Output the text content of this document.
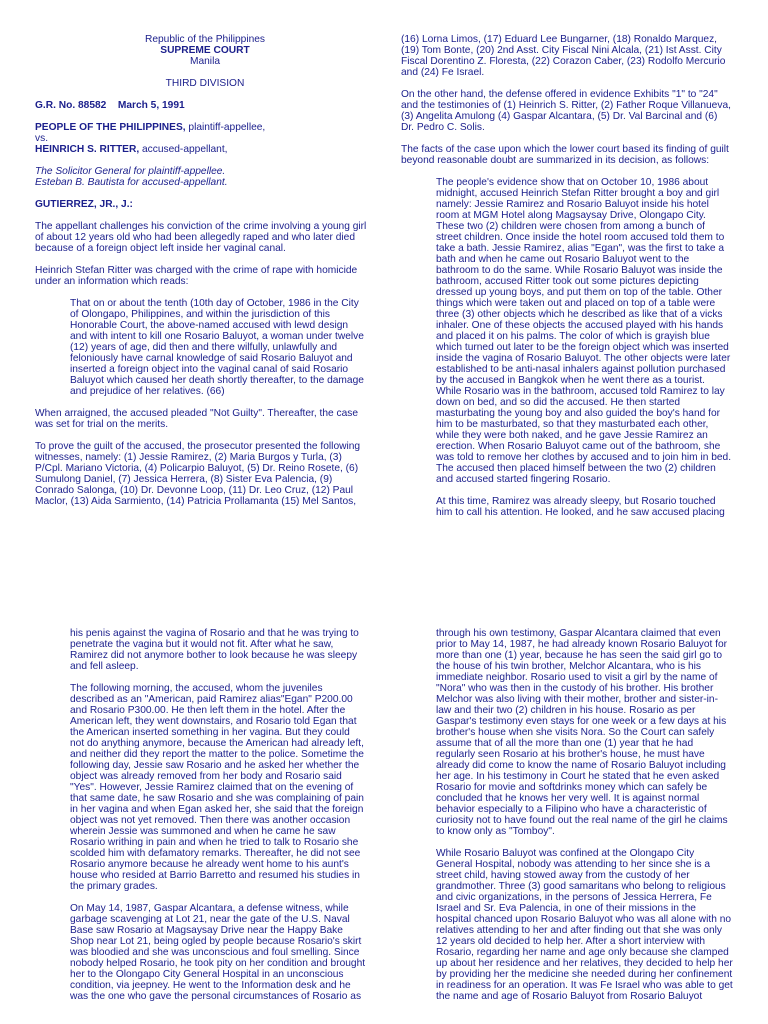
Republic of the Philippines

SUPREME COURT

Manila

THIRD DIVISION

G.R. No. 88582 March 5, 1991

PEOPLE OF THE PHILIPPINES, plaintiff-appellee,

vs.

HEINRICH S. RITTER, accused-appellant,

The Solicitor General for plaintiff-appellee.

Esteban B. Bautista for accused-appellant.

GUTIERREZ, JR., J.:

The appellant challenges his conviction of the crime involving a young girl

of about 12 years old who had been allegedly raped and who later died

because of a foreign object left inside her vaginal canal.

Heinrich Stefan Ritter was charged with the crime of rape with homicide

under an information which reads:

That on or about the tenth (10th day of October, 1986 in the City

of Olongapo, Philippines, and within the jurisdiction of this

Honorable Court, the above-named accused with lewd design

and with intent to kill one Rosario Baluyot, a woman under twelve

(12) years of age, did then and there wilfully, unlawfully and

feloniously have carnal knowledge of said Rosario Baluyot and

inserted a foreign object into the vaginal canal of said Rosario

Baluyot which caused her death shortly thereafter, to the damage

and prejudice of her relatives. (66)

When arraigned, the accused pleaded "Not Guilty". Thereafter, the case

was set for trial on the merits.

To prove the guilt of the accused, the prosecutor presented the following

witnesses, namely: (1) Jessie Ramirez, (2) Maria Burgos y Turla, (3)

P/Cpl. Mariano Victoria, (4) Policarpio Baluyot, (5) Dr. Reino Rosete, (6)

Sumulong Daniel, (7) Jessica Herrera, (8) Sister Eva Palencia, (9)

Conrado Salonga, (10) Dr. Devonne Loop, (11) Dr. Leo Cruz, (12) Paul

Maclor, (13) Aida Sarmiento, (14) Patricia Prollamanta (15) Mel Santos,

(16) Lorna Limos, (17) Eduard Lee Bungarner, (18) Ronaldo Marquez,

(19) Tom Bonte, (20) 2nd Asst. City Fiscal Nini Alcala, (21) Ist Asst. City

Fiscal Dorentino Z. Floresta, (22) Corazon Caber, (23) Rodolfo Mercurio

and (24) Fe Israel.

On the other hand, the defense offered in evidence Exhibits "1" to "24"

and the testimonies of (1) Heinrich S. Ritter, (2) Father Roque Villanueva,

(3) Angelita Amulong (4) Gaspar Alcantara, (5) Dr. Val Barcinal and (6)

Dr. Pedro C. Solis.

The facts of the case upon which the lower court based its finding of guilt

beyond reasonable doubt are summarized in its decision, as follows:

The people's evidence show that on October 10, 1986 about

midnight, accused Heinrich Stefan Ritter brought a boy and girl

namely: Jessie Ramirez and Rosario Baluyot inside his hotel

room at MGM Hotel along Magsaysay Drive, Olongapo City.

These two (2) children were chosen from among a bunch of

street children. Once inside the hotel room accused told them to

take a bath. Jessie Ramirez, alias "Egan", was the first to take a

bath and when he came out Rosario Baluyot went to the

bathroom to do the same. While Rosario Baluyot was inside the

bathroom, accused Ritter took out some pictures depicting

dressed up young boys, and put them on top of the table. Other

things which were taken out and placed on top of a table were

three (3) other objects which he described as like that of a vicks

inhaler. One of these objects the accused played with his hands

and placed it on his palms. The color of which is grayish blue

which turned out later to be the foreign object which was inserted

inside the vagina of Rosario Baluyot. The other objects were later

established to be anti-nasal inhalers against pollution purchased

by the accused in Bangkok when he went there as a tourist.

While Rosario was in the bathroom, accused told Ramirez to lay

down on bed, and so did the accused. He then started

masturbating the young boy and also guided the boy's hand for

him to be masturbated, so that they masturbated each other,

while they were both naked, and he gave Jessie Ramirez an

erection. When Rosario Baluyot came out of the bathroom, she

was told to remove her clothes by accused and to join him in bed.

The accused then placed himself between the two (2) children

and accused started fingering Rosario.

At this time, Ramirez was already sleepy, but Rosario touched

him to call his attention. He looked, and he saw accused placing

his penis against the vagina of Rosario and that he was trying to

penetrate the vagina but it would not fit. After what he saw,

Ramirez did not anymore bother to look because he was sleepy

and fell asleep.

The following morning, the accused, whom the juveniles

described as an "American, paid Ramirez alias"Egan" P200.00

and Rosario P300.00. He then left them in the hotel. After the

American left, they went downstairs, and Rosario told Egan that

the American inserted something in her vagina. But they could

not do anything anymore, because the American had already left,

and neither did they report the matter to the police. Sometime the

following day, Jessie saw Rosario and he asked her whether the

object was already removed from her body and Rosario said

"Yes". However, Jessie Ramirez claimed that on the evening of

that same date, he saw Rosario and she was complaining of pain

in her vagina and when Egan asked her, she said that the foreign

object was not yet removed. Then there was another occasion

wherein Jessie was summoned and when he came he saw

Rosario writhing in pain and when he tried to talk to Rosario she

scolded him with defamatory remarks. Thereafter, he did not see

Rosario anymore because he already went home to his aunt's

house who resided at Barrio Barretto and resumed his studies in

the primary grades.

On May 14, 1987, Gaspar Alcantara, a defense witness, while

garbage scavenging at Lot 21, near the gate of the U.S. Naval

Base saw Rosario at Magsaysay Drive near the Happy Bake

Shop near Lot 21, being ogled by people because Rosario's skirt

was bloodied and she was unconscious and foul smelling. Since

nobody helped Rosario, he took pity on her condition and brought

her to the Olongapo City General Hospital in an unconscious

condition, via jeepney. He went to the Information desk and he

was the one who gave the personal circumstances of Rosario as

through his own testimony, Gaspar Alcantara claimed that even

prior to May 14, 1987, he had already known Rosario Baluyot for

more than one (1) year, because he has seen the said girl go to

the house of his twin brother, Melchor Alcantara, who is his

immediate neighbor. Rosario used to visit a girl by the name of

"Nora" who was then in the custody of his brother. His brother

Melchor was also living with their mother, brother and sister-in-

law and their two (2) children in his house. Rosario as per

Gaspar's testimony even stays for one week or a few days at his

brother's house when she visits Nora. So the Court can safely

assume that of all the more than one (1) year that he had

regularly seen Rosario at his brother's house, he must have

already did come to know the name of Rosario Baluyot including

her age. In his testimony in Court he stated that he even asked

Rosario for movie and softdrinks money which can safely be

concluded that he knows her very well. It is against normal

behavior especially to a Filipino who have a characteristic of

curiosity not to have found out the real name of the girl he claims

to know only as "Tomboy".

While Rosario Baluyot was confined at the Olongapo City

General Hospital, nobody was attending to her since she is a

street child, having stowed away from the custody of her

grandmother. Three (3) good samaritans who belong to religious

and civic organizations, in the persons of Jessica Herrera, Fe

Israel and Sr. Eva Palencia, in one of their missions in the

hospital chanced upon Rosario Baluyot who was all alone with no

relatives attending to her and after finding out that she was only

12 years old decided to help her. After a short interview with

Rosario, regarding her name and age only because she clamped

up about her residence and her relatives, they decided to help her

by providing her the medicine she needed during her confinement

in readiness for an operation. It was Fe Israel who was able to get

the name and age of Rosario Baluyot from Rosario Baluyot
